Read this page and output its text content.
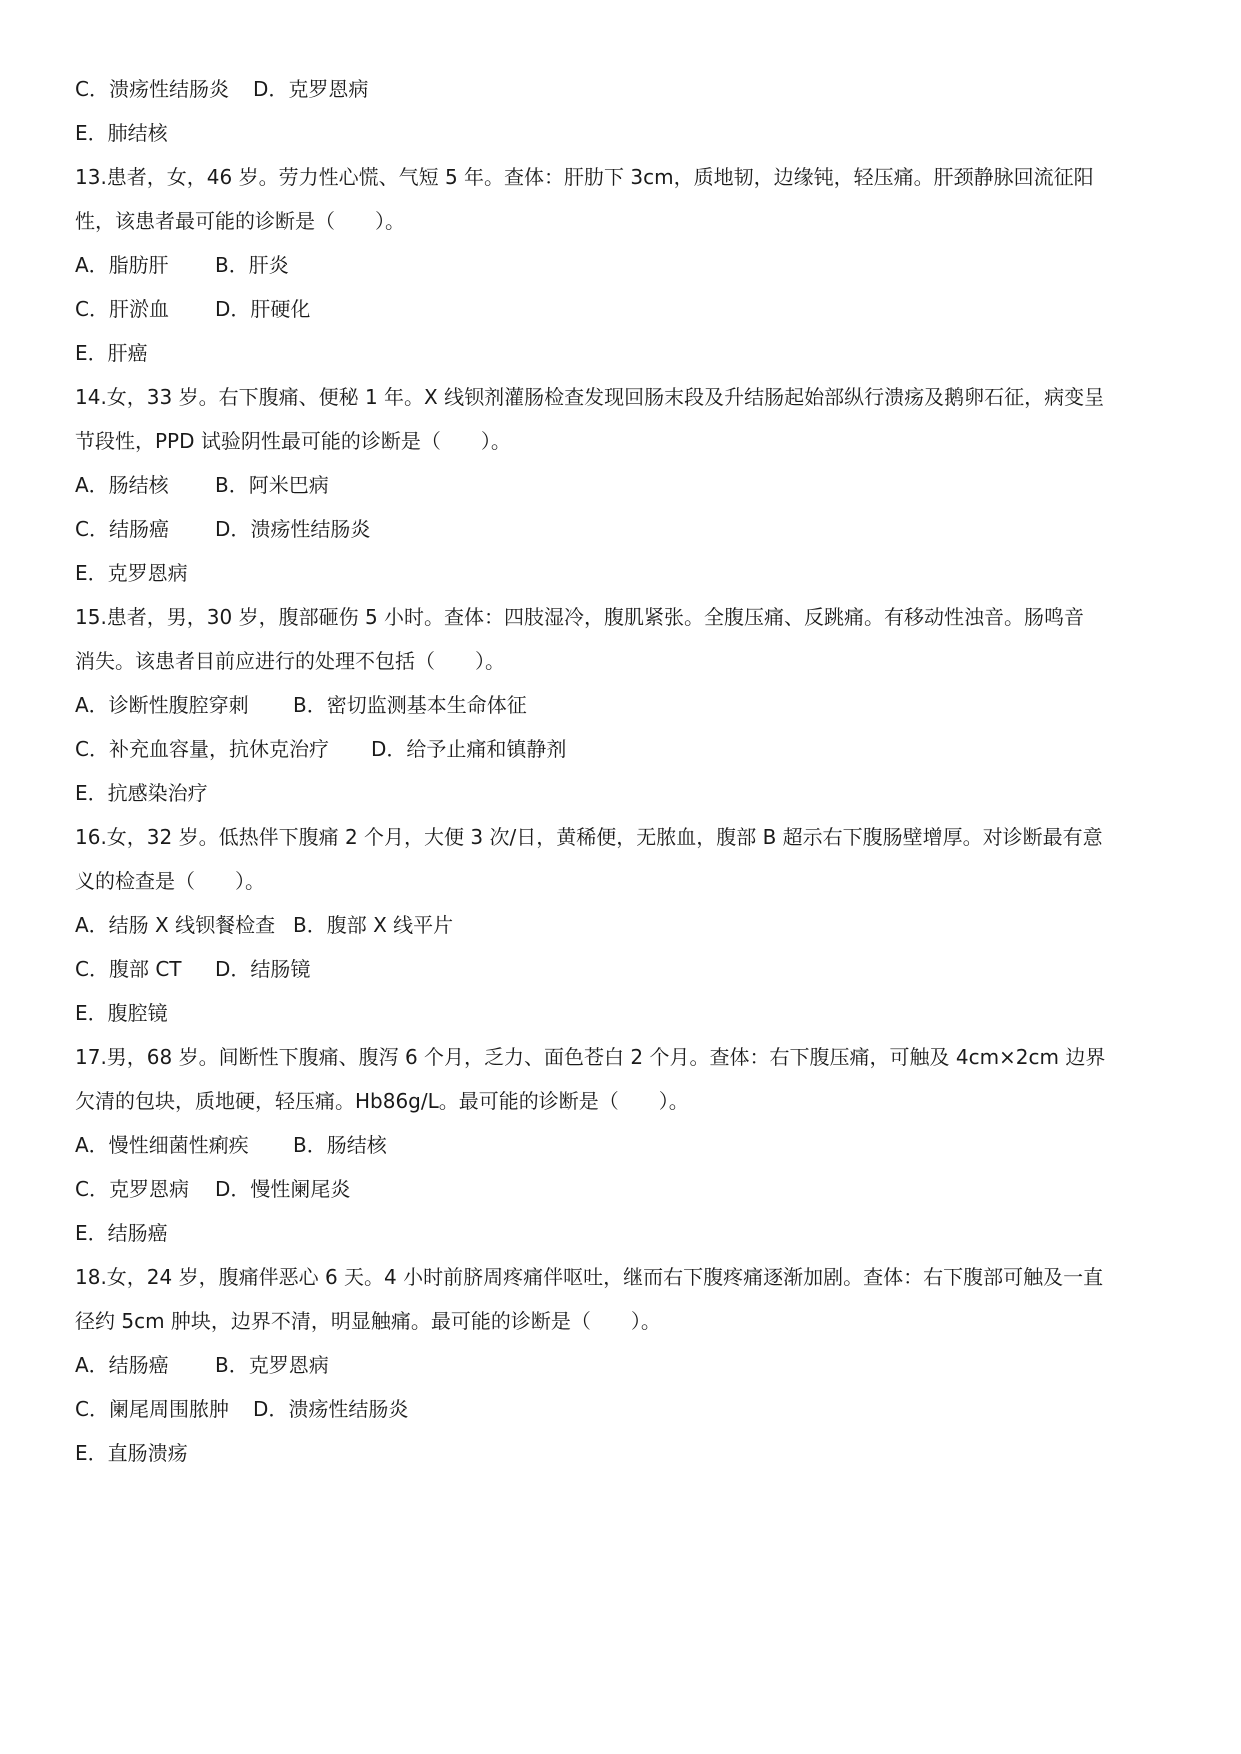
C．溃疡性结肠炎 D．克罗恩病
E．肺结核
13.患者，女，46 岁。劳力性心慌、气短 5 年。查体：肝肋下 3cm，质地韧，边缘钝，轻压痛。肝颈静脉回流征阳
性，该患者最可能的诊断是（　　）。
A．脂肪肝 B．肝炎
C．肝淤血 D．肝硬化
E．肝癌
14.女，33 岁。右下腹痛、便秘 1 年。X 线钡剂灌肠检查发现回肠末段及升结肠起始部纵行溃疡及鹅卵石征，病变呈
节段性，PPD 试验阴性最可能的诊断是（　　）。
A．肠结核 B．阿米巴病
C．结肠癌 D．溃疡性结肠炎
E．克罗恩病
15.患者，男，30 岁，腹部砸伤 5 小时。查体：四肢湿冷，腹肌紧张。全腹压痛、反跳痛。有移动性浊音。肠鸣音
消失。该患者目前应进行的处理不包括（　　）。
A．诊断性腹腔穿刺 B．密切监测基本生命体征
C．补充血容量，抗休克治疗 D．给予止痛和镇静剂
E．抗感染治疗
16.女，32 岁。低热伴下腹痛 2 个月，大便 3 次/日，黄稀便，无脓血，腹部 B 超示右下腹肠壁增厚。对诊断最有意
义的检查是（　　）。
A．结肠 X 线钡餐检查 B．腹部 X 线平片
C．腹部 CT D．结肠镜
E．腹腔镜
17.男，68 岁。间断性下腹痛、腹泻 6 个月，乏力、面色苍白 2 个月。查体：右下腹压痛，可触及 4cm×2cm 边界
欠清的包块，质地硬，轻压痛。Hb86g/L。最可能的诊断是（　　）。
A．慢性细菌性痢疾 B．肠结核
C．克罗恩病 D．慢性阑尾炎
E．结肠癌
18.女，24 岁，腹痛伴恶心 6 天。4 小时前脐周疼痛伴呕吐，继而右下腹疼痛逐渐加剧。查体：右下腹部可触及一直
径约 5cm 肿块，边界不清，明显触痛。最可能的诊断是（　　）。
A．结肠癌 B．克罗恩病
C．阑尾周围脓肿 D．溃疡性结肠炎
E．直肠溃疡
